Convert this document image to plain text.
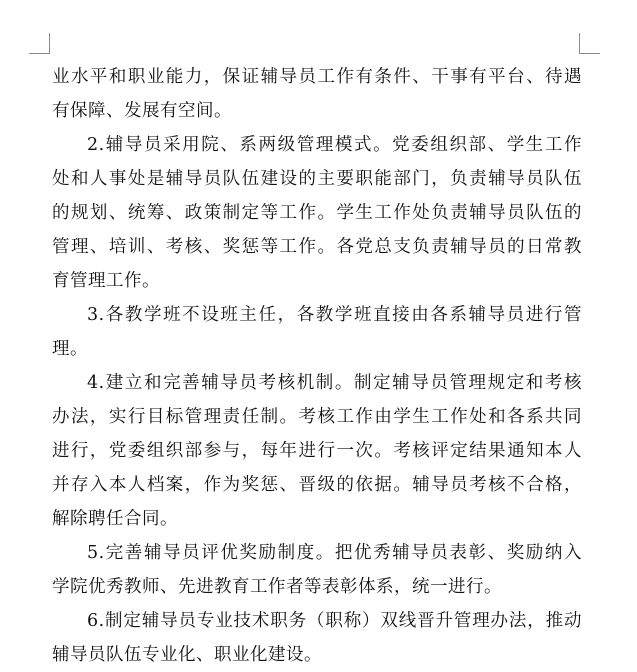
业水平和职业能力，保证辅导员工作有条件、干事有平台、待遇
有保障、发展有空间。
2.辅导员采用院、系两级管理模式。党委组织部、学生工作
处和人事处是辅导员队伍建设的主要职能部门，负责辅导员队伍
的规划、统筹、政策制定等工作。学生工作处负责辅导员队伍的
管理、培训、考核、奖惩等工作。各党总支负责辅导员的日常教
育管理工作。
3.各教学班不设班主任，各教学班直接由各系辅导员进行管
理。
4.建立和完善辅导员考核机制。制定辅导员管理规定和考核
办法，实行目标管理责任制。考核工作由学生工作处和各系共同
进行，党委组织部参与，每年进行一次。考核评定结果通知本人
并存入本人档案，作为奖惩、晋级的依据。辅导员考核不合格，
解除聘任合同。
5.完善辅导员评优奖励制度。把优秀辅导员表彰、奖励纳入
学院优秀教师、先进教育工作者等表彰体系，统一进行。
6.制定辅导员专业技术职务（职称）双线晋升管理办法，推动
辅导员队伍专业化、职业化建设。
